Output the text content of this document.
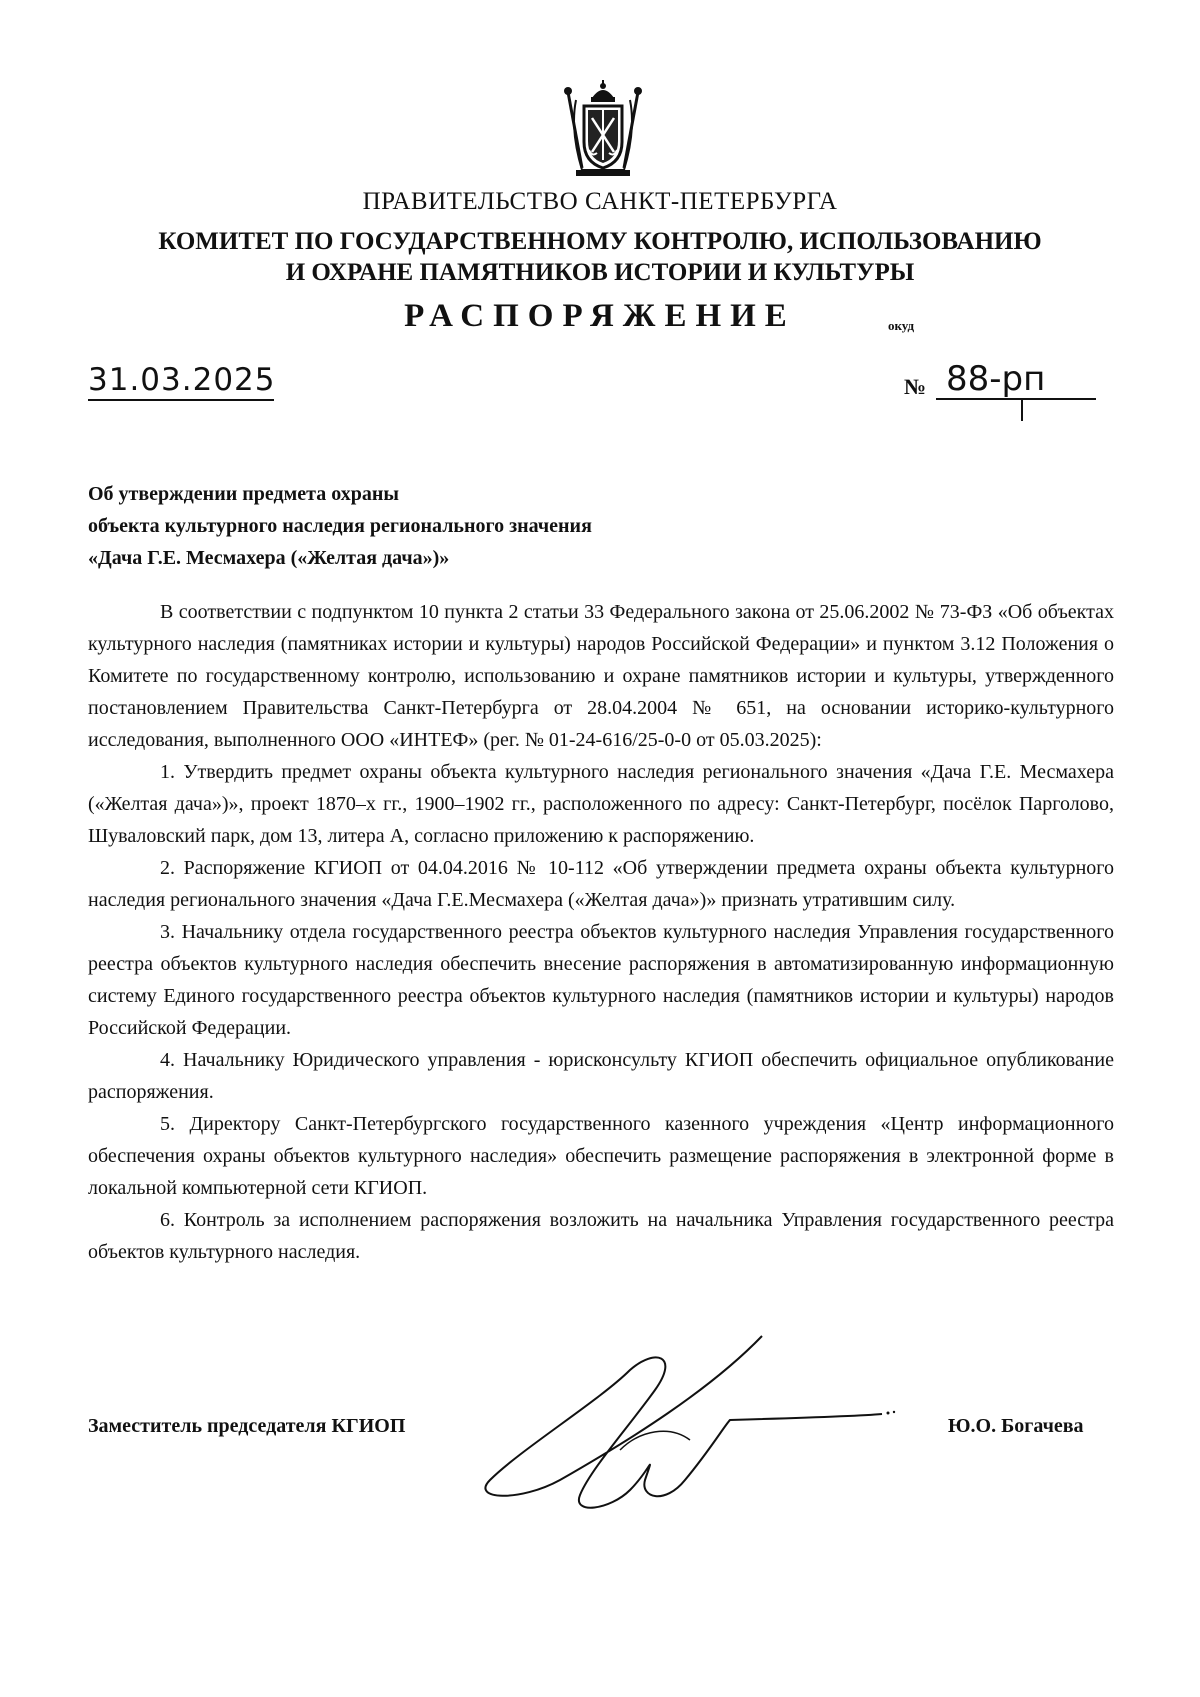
ПРАВИТЕЛЬСТВО САНКТ-ПЕТЕРБУРГА
КОМИТЕТ ПО ГОСУДАРСТВЕННОМУ КОНТРОЛЮ, ИСПОЛЬЗОВАНИЮ
И ОХРАНЕ ПАМЯТНИКОВ ИСТОРИИ И КУЛЬТУРЫ
РАСПОРЯЖЕНИЕ	окуд
31.03.2025	№ 88-рп
Об утверждении предмета охраны
объекта культурного наследия регионального значения
«Дача Г.Е. Месмахера («Желтая дача»)»

В соответствии с подпунктом 10 пункта 2 статьи 33 Федерального закона от 25.06.2002 № 73-ФЗ «Об объектах культурного наследия (памятниках истории и культуры) народов Российской Федерации» и пунктом 3.12 Положения о Комитете по государственному контролю, использованию и охране памятников истории и культуры, утвержденного постановлением Правительства Санкт-Петербурга от 28.04.2004 № 651, на основании историко-культурного исследования, выполненного ООО «ИНТЕФ» (рег. № 01-24-616/25-0-0 от 05.03.2025):

1. Утвердить предмет охраны объекта культурного наследия регионального значения «Дача Г.Е. Месмахера («Желтая дача»)», проект 1870–х гг., 1900–1902 гг., расположенного по адресу: Санкт-Петербург, посёлок Парголово, Шуваловский парк, дом 13, литера А, согласно приложению к распоряжению.

2. Распоряжение КГИОП от 04.04.2016 № 10-112 «Об утверждении предмета охраны объекта культурного наследия регионального значения «Дача Г.Е.Месмахера («Желтая дача»)» признать утратившим силу.

3. Начальнику отдела государственного реестра объектов культурного наследия Управления государственного реестра объектов культурного наследия обеспечить внесение распоряжения в автоматизированную информационную систему Единого государственного реестра объектов культурного наследия (памятников истории и культуры) народов Российской Федерации.

4. Начальнику Юридического управления - юрисконсульту КГИОП обеспечить официальное опубликование распоряжения.

5. Директору Санкт-Петербургского государственного казенного учреждения «Центр информационного обеспечения охраны объектов культурного наследия» обеспечить размещение распоряжения в электронной форме в локальной компьютерной сети КГИОП.

6. Контроль за исполнением распоряжения возложить на начальника Управления государственного реестра объектов культурного наследия.

Заместитель председателя КГИОП	Ю.О. Богачева
